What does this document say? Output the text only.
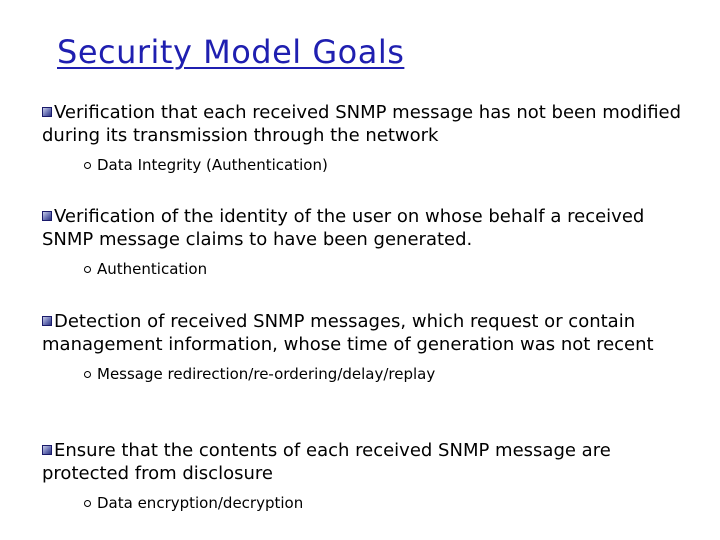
Security Model Goals

Verification that each received SNMP message has not been modified during its transmission through the network

Data Integrity (Authentication)

Verification of the identity of the user on whose behalf a received SNMP message claims to have been generated.

Authentication

Detection of received SNMP messages, which request or contain management information, whose time of generation was not recent

Message redirection/re-ordering/delay/replay

Ensure that the contents of each received SNMP message are protected from disclosure

Data encryption/decryption
